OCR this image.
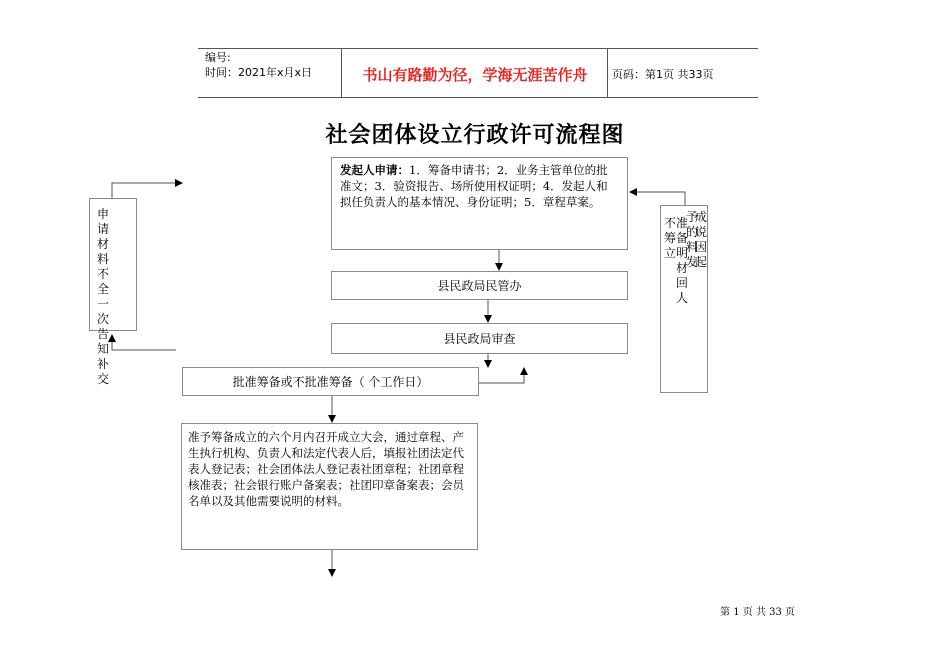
编号:
时间：2021年x月x日	书山有路勤为径，学海无涯苦作舟	页码：第1页 共33页
社会团体设立行政许可流程图
发起人申请：1．筹备申请书；2．业务主管单位的批准文；3．验资报告、场所使用权证明；4．发起人和拟任负责人的基本情况、身份证明；5．章程草案。
县民政局民管办
县民政局审查
批准筹备或不批准筹备（ 个工作日）
准予筹备成立的六个月内召开成立大会，通过章程、产生执行机构、负责人和法定代表人后，填报社团法定代表人登记表；社会团体法人登记表社团章程；社团章程核准表；社会银行账户备案表；社团印章备案表；会员名单以及其他需要说明的材料。
申请材料不全一次告知补交
不筹立
准备明材回人
予的料发
成说因起
第 1 页 共 33 页
